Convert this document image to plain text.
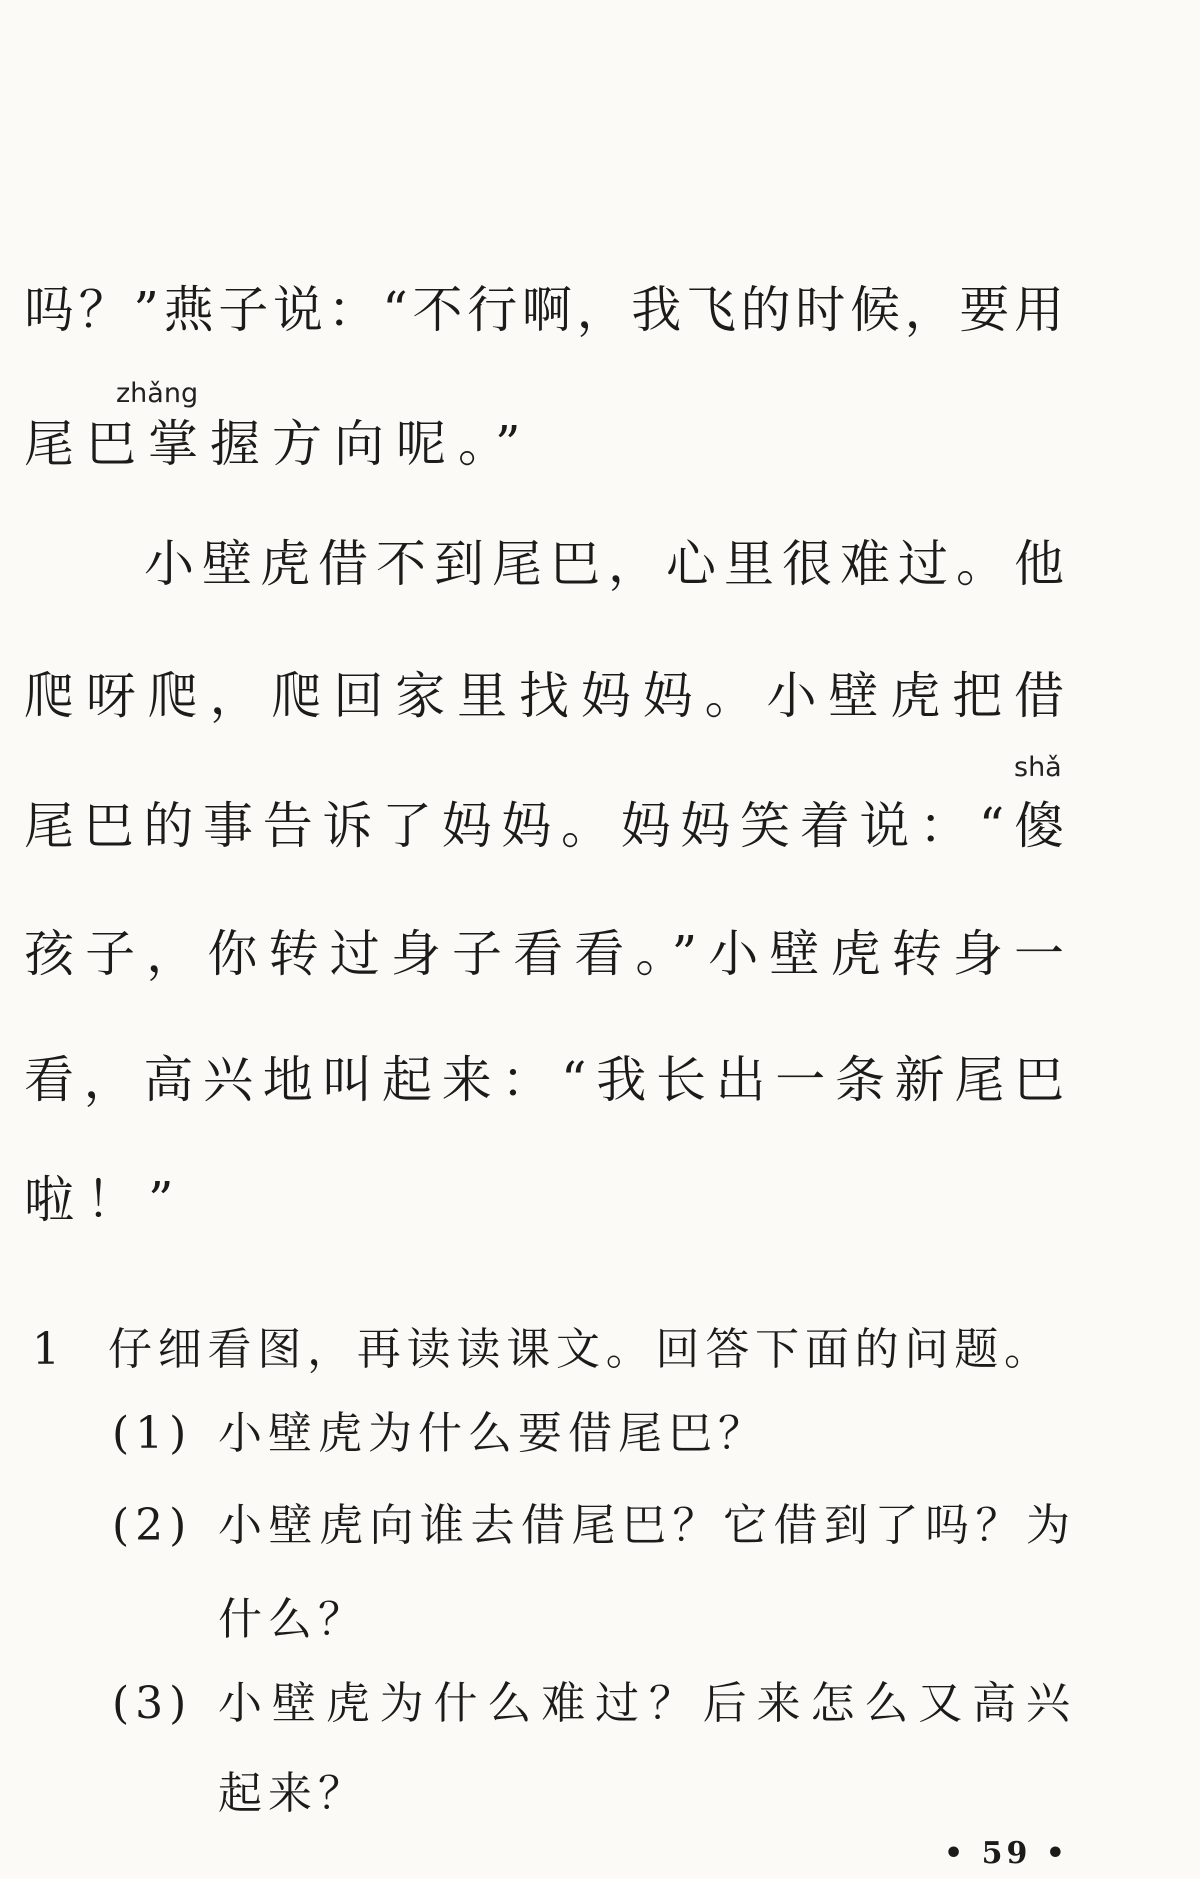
吗？”燕子说：“不行啊，我飞的时候，要用
zhǎng
尾巴掌握方向呢。”
小壁虎借不到尾巴，心里很难过。他
爬呀爬，爬回家里找妈妈。小壁虎把借
shǎ
尾巴的事告诉了妈妈。妈妈笑着说：“傻
孩子，你转过身子看看。”小壁虎转身一
看，高兴地叫起来：“我长出一条新尾巴
啦！”
1 仔细看图，再读读课文。回答下面的问题。
(1) 小壁虎为什么要借尾巴？
(2) 小壁虎向谁去借尾巴？它借到了吗？为
什么？
(3) 小壁虎为什么难过？后来怎么又高兴
起来？
• 59 •
